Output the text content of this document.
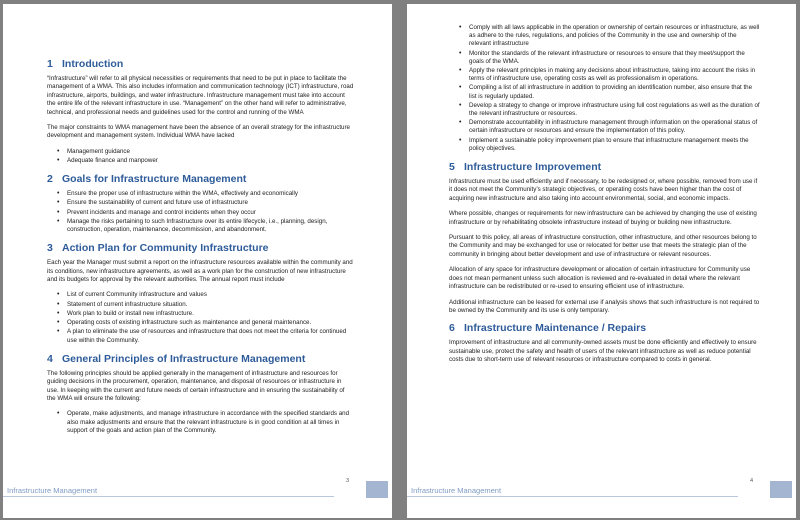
1 Introduction

“Infrastructure” will refer to all physical necessities or requirements that need to be put in place to facilitate the management of a WMA. This also includes information and communication technology (ICT) infrastructure, road infrastructure, airports, buildings, and water infrastructure. Infrastructure management must take into account the entire life of the relevant infrastructure in use. “Management” on the other hand will refer to administrative, technical, and professional needs and guidelines used for the control and running of the WMA

The major constraints to WMA management have been the absence of an overall strategy for the infrastructure development and management system. Individual WMA have lacked

• Management guidance
• Adequate finance and manpower
2 Goals for Infrastructure Management
• Ensure the proper use of infrastructure within the WMA, effectively and economically
• Ensure the sustainability of current and future use of infrastructure
• Prevent incidents and manage and control incidents when they occur
• Manage the risks pertaining to such Infrastructure over its entire lifecycle, i.e., planning, design, construction, operation, maintenance, decommission, and abandonment.
3 Action Plan for Community Infrastructure

Each year the Manager must submit a report on the infrastructure resources available within the community and its conditions, new infrastructure agreements, as well as a work plan for the construction of new infrastructure and its budgets for approval by the relevant authorities. The annual report must include

• List of current Community infrastructure and values
• Statement of current infrastructure situation.
• Work plan to build or install new infrastructure.
• Operating costs of existing infrastructure such as maintenance and general maintenance.
• A plan to eliminate the use of resources and infrastructure that does not meet the criteria for continued use within the Community.
4 General Principles of Infrastructure Management

The following principles should be applied generally in the management of infrastructure and resources for guiding decisions in the procurement, operation, maintenance, and disposal of resources or infrastructure in use. In keeping with the current and future needs of certain infrastructure and in ensuring the sustainability of the WMA will ensure the following:

• Operate, make adjustments, and manage infrastructure in accordance with the specified standards and also make adjustments and ensure that the relevant infrastructure is in good condition at all times in support of the goals and action plan of the Community.
3
Infrastructure Management
• Comply with all laws applicable in the operation or ownership of certain resources or infrastructure, as well as adhere to the rules, regulations, and policies of the Community in the use and ownership of the relevant infrastructure
• Monitor the standards of the relevant infrastructure or resources to ensure that they meet/support the goals of the WMA.
• Apply the relevant principles in making any decisions about infrastructure, taking into account the risks in terms of infrastructure use, operating costs as well as professionalism in operations.
• Compiling a list of all infrastructure in addition to providing an identification number, also ensure that the list is regularly updated.
• Develop a strategy to change or improve infrastructure using full cost regulations as well as the duration of the relevant infrastructure or resources.
• Demonstrate accountability in infrastructure management through information on the operational status of certain infrastructure or resources and ensure the implementation of this policy.
• Implement a sustainable policy improvement plan to ensure that infrastructure management meets the policy objectives.
5 Infrastructure Improvement

Infrastructure must be used efficiently and if necessary, to be redesigned or, where possible, removed from use if it does not meet the Community’s strategic objectives, or operating costs have been higher than the cost of acquiring new infrastructure and also taking into account environmental, social, and economic impacts.

Where possible, changes or requirements for new infrastructure can be achieved by changing the use of existing infrastructure or by rehabilitating obsolete infrastructure instead of buying or building new infrastructure.

Pursuant to this policy, all areas of infrastructure construction, other infrastructure, and other resources belong to the Community and may be exchanged for use or relocated for better use that meets the strategic plan of the community in bringing about better development and use of infrastructure or relevant resources.

Allocation of any space for infrastructure development or allocation of certain infrastructure for Community use does not mean permanent unless such allocation is reviewed and re-evaluated in detail where the relevant infrastructure can be redistributed or re-used to ensuring efficient use of infrastructure.

Additional infrastructure can be leased for external use if analysis shows that such infrastructure is not required to be owned by the Community and its use is only temporary.

6 Infrastructure Maintenance / Repairs

Improvement of infrastructure and all community-owned assets must be done efficiently and effectively to ensure sustainable use, protect the safety and health of users of the relevant infrastructure as well as reduce potential costs due to short-term use of relevant resources or infrastructure compared to costs in general.

4
Infrastructure Management
